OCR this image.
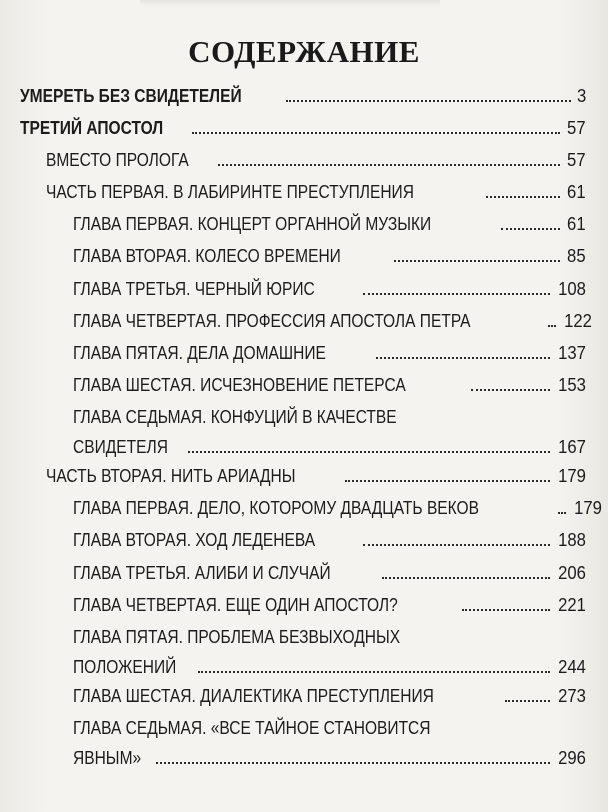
СОДЕРЖАНИЕ
УМЕРЕТЬ БЕЗ СВИДЕТЕЛЕЙ	3
ТРЕТИЙ АПОСТОЛ	57
ВМЕСТО ПРОЛОГА	57
ЧАСТЬ ПЕРВАЯ. В ЛАБИРИНТЕ ПРЕСТУПЛЕНИЯ	61
ГЛАВА ПЕРВАЯ. КОНЦЕРТ ОРГАННОЙ МУЗЫКИ	61
ГЛАВА ВТОРАЯ. КОЛЕСО ВРЕМЕНИ	85
ГЛАВА ТРЕТЬЯ. ЧЕРНЫЙ ЮРИС	108
ГЛАВА ЧЕТВЕРТАЯ. ПРОФЕССИЯ АПОСТОЛА ПЕТРА	122
ГЛАВА ПЯТАЯ. ДЕЛА ДОМАШНИЕ	137
ГЛАВА ШЕСТАЯ. ИСЧЕЗНОВЕНИЕ ПЕТЕРСА	153
ГЛАВА СЕДЬМАЯ. КОНФУЦИЙ В КАЧЕСТВЕ
СВИДЕТЕЛЯ	167
ЧАСТЬ ВТОРАЯ. НИТЬ АРИАДНЫ	179
ГЛАВА ПЕРВАЯ. ДЕЛО, КОТОРОМУ ДВАДЦАТЬ ВЕКОВ	179
ГЛАВА ВТОРАЯ. ХОД ЛЕДЕНЕВА	188
ГЛАВА ТРЕТЬЯ. АЛИБИ И СЛУЧАЙ	206
ГЛАВА ЧЕТВЕРТАЯ. ЕЩЕ ОДИН АПОСТОЛ?	221
ГЛАВА ПЯТАЯ. ПРОБЛЕМА БЕЗВЫХОДНЫХ
ПОЛОЖЕНИЙ	244
ГЛАВА ШЕСТАЯ. ДИАЛЕКТИКА ПРЕСТУПЛЕНИЯ	273
ГЛАВА СЕДЬМАЯ. «ВСЕ ТАЙНОЕ СТАНОВИТСЯ
ЯВНЫМ»	296
